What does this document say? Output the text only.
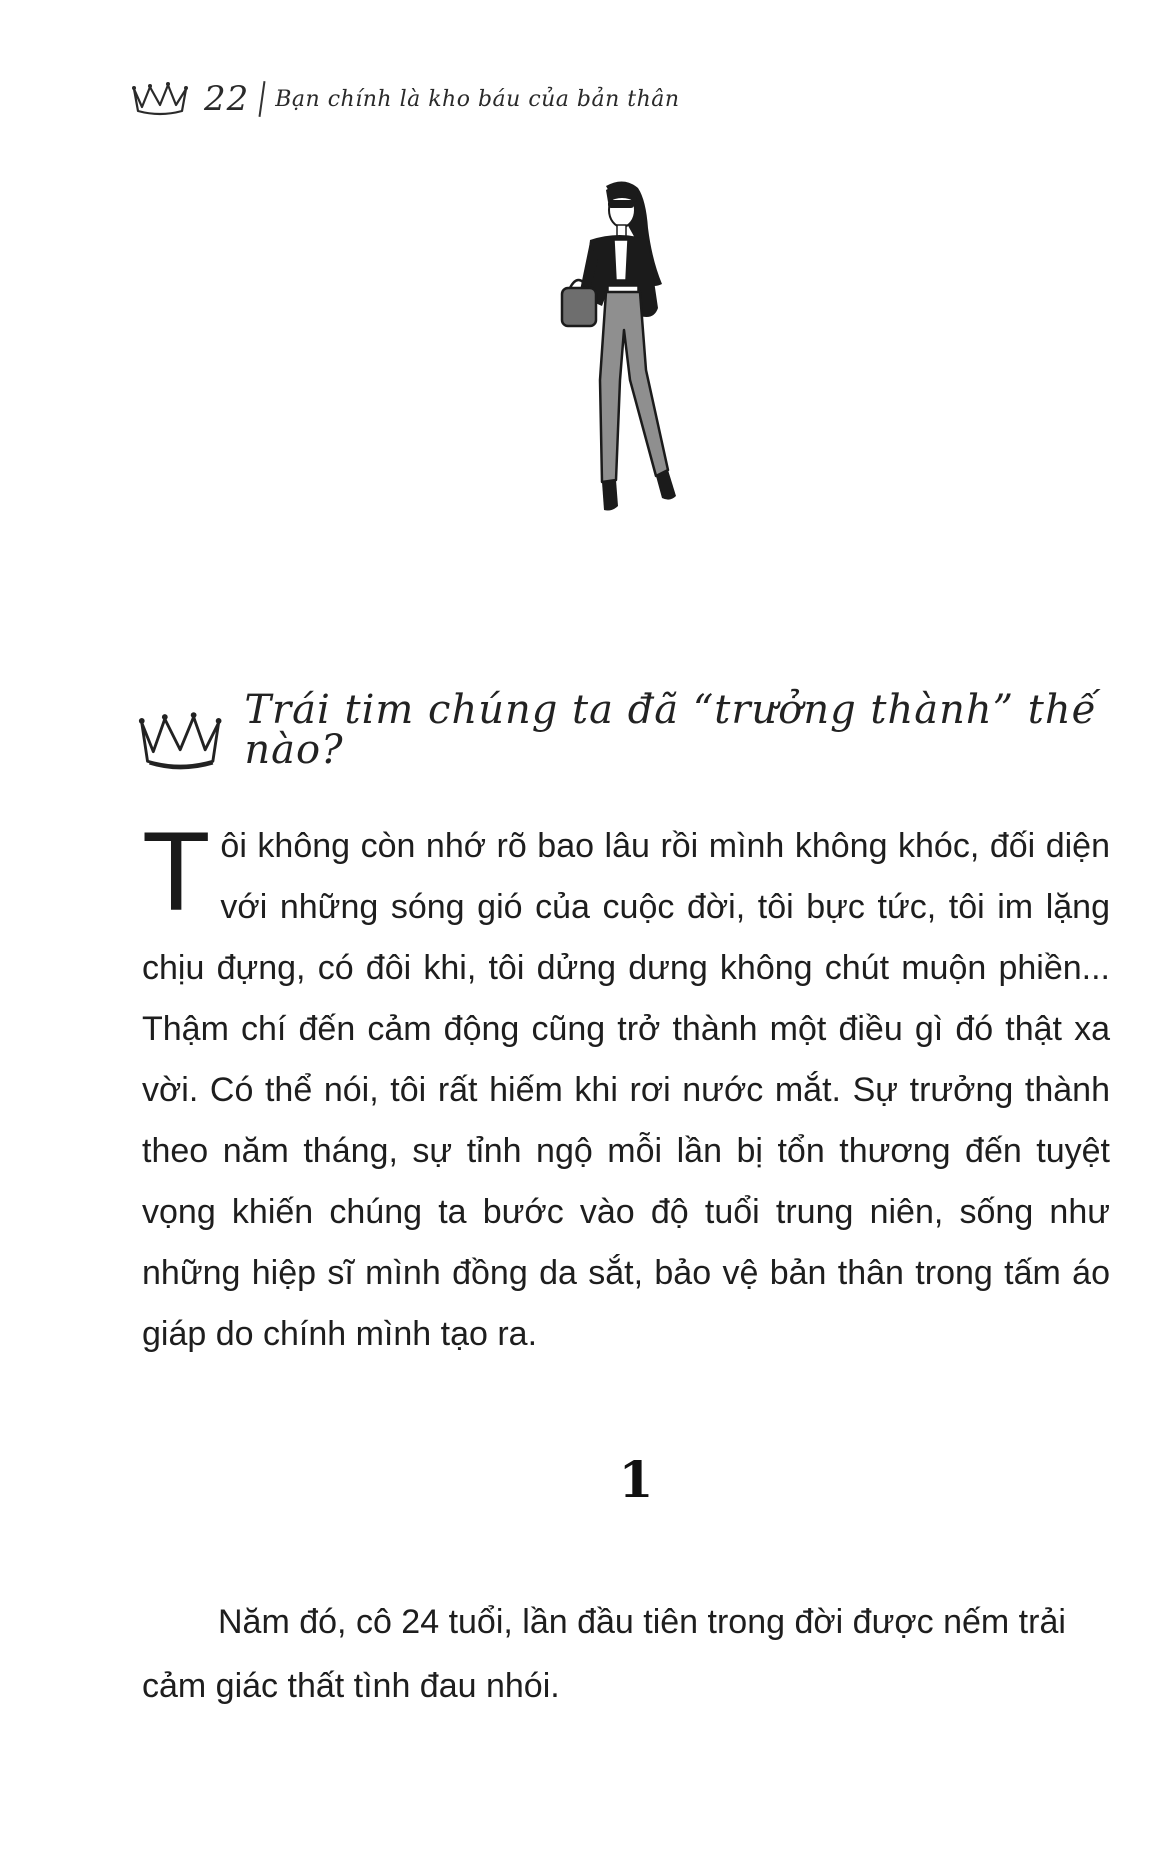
22 Bạn chính là kho báu của bản thân
Trái tim chúng ta đã “trưởng thành” thế nào?
T ôi không còn nhớ rõ bao lâu rồi mình không khóc, đối diện với những sóng gió của cuộc đời, tôi bực tức, tôi im lặng chịu đựng, có đôi khi, tôi dửng dưng không chút muộn phiền... Thậm chí đến cảm động cũng trở thành một điều gì đó thật xa vời. Có thể nói, tôi rất hiếm khi rơi nước mắt. Sự trưởng thành theo năm tháng, sự tỉnh ngộ mỗi lần bị tổn thương đến tuyệt vọng khiến chúng ta bước vào độ tuổi trung niên, sống như những hiệp sĩ mình đồng da sắt, bảo vệ bản thân trong tấm áo giáp do chính mình tạo ra.
1

Năm đó, cô 24 tuổi, lần đầu tiên trong đời được nếm trải cảm giác thất tình đau nhói.
